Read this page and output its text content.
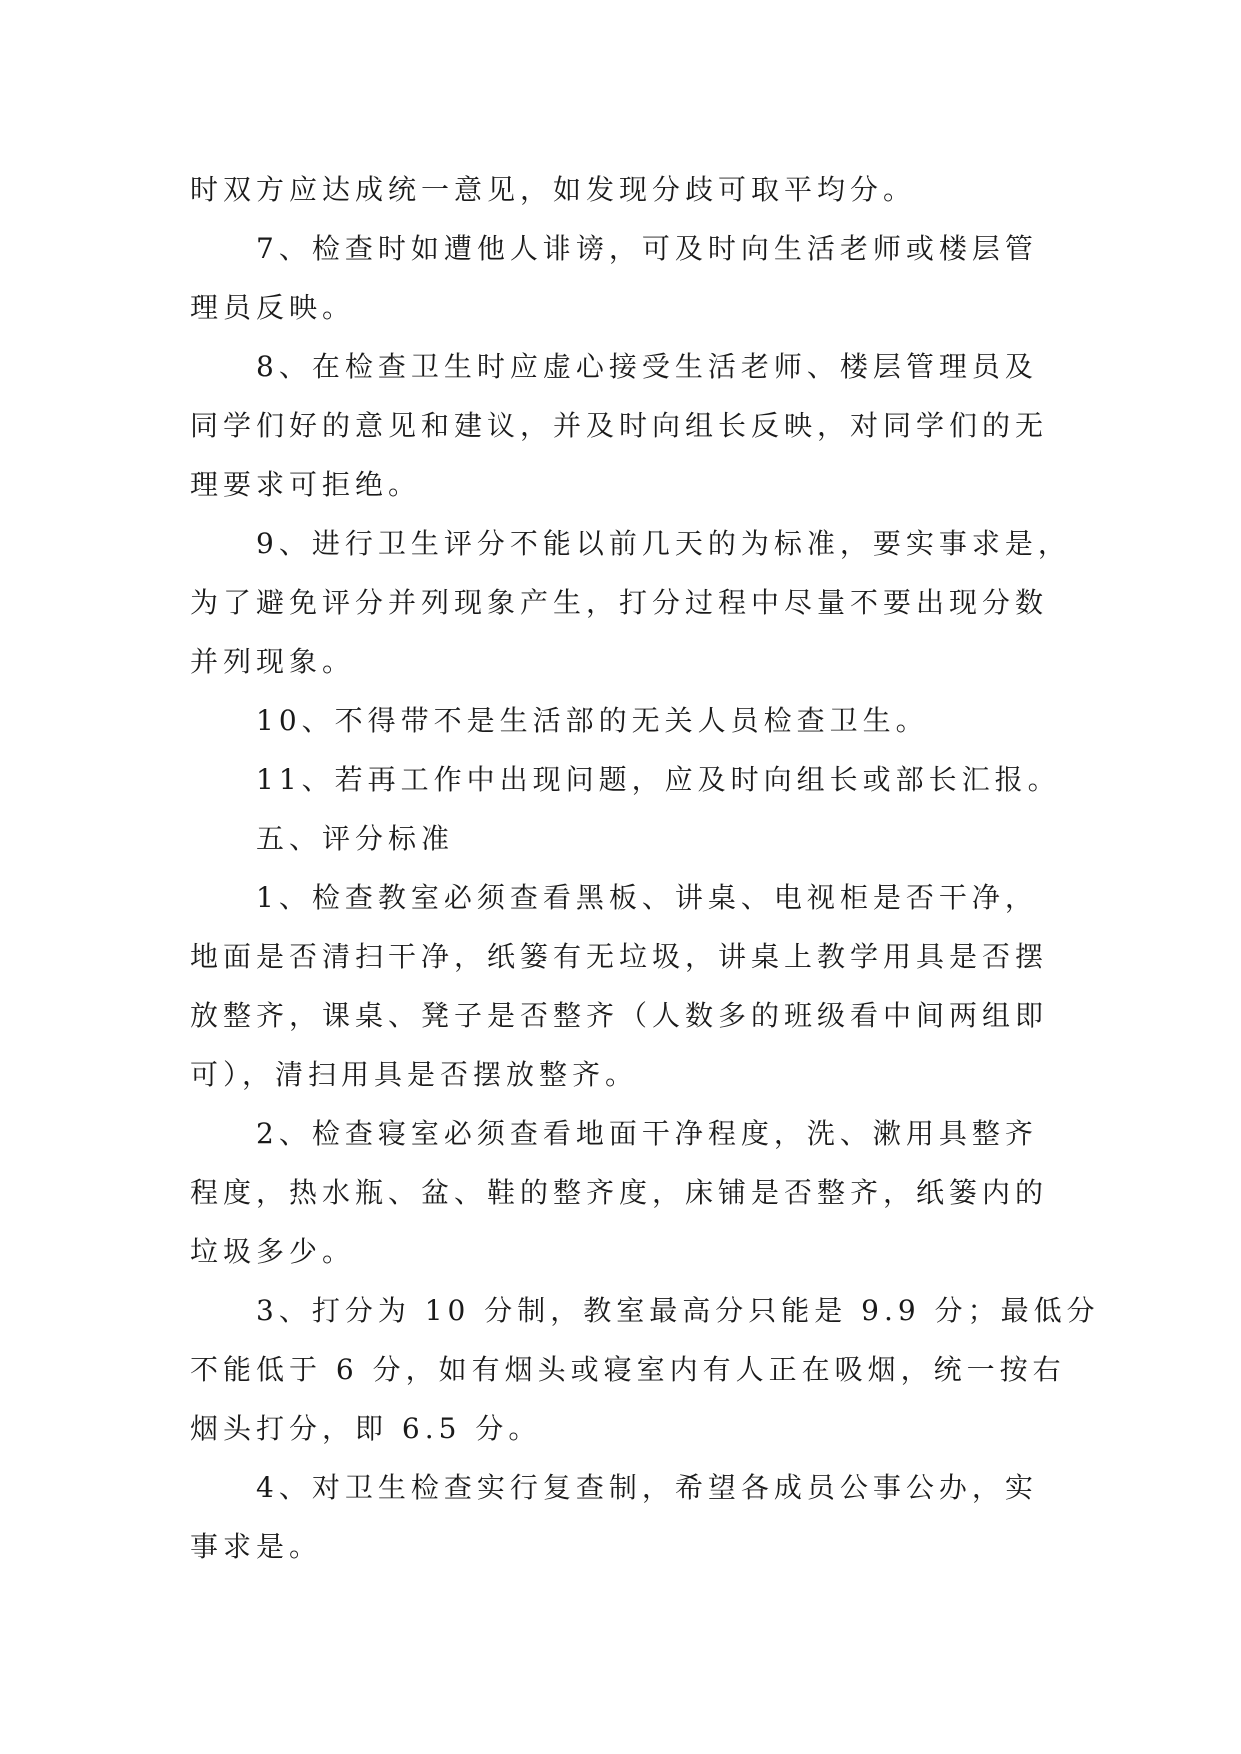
时双方应达成统一意见，如发现分歧可取平均分。

7、检查时如遭他人诽谤，可及时向生活老师或楼层管

理员反映。

8、在检查卫生时应虚心接受生活老师、楼层管理员及

同学们好的意见和建议，并及时向组长反映，对同学们的无

理要求可拒绝。

9、进行卫生评分不能以前几天的为标准，要实事求是，

为了避免评分并列现象产生，打分过程中尽量不要出现分数

并列现象。

10、不得带不是生活部的无关人员检查卫生。

11、若再工作中出现问题，应及时向组长或部长汇报。

五、评分标准

1、检查教室必须查看黑板、讲桌、电视柜是否干净，

地面是否清扫干净，纸篓有无垃圾，讲桌上教学用具是否摆

放整齐，课桌、凳子是否整齐（人数多的班级看中间两组即

可），清扫用具是否摆放整齐。

2、检查寝室必须查看地面干净程度，洗、漱用具整齐

程度，热水瓶、盆、鞋的整齐度，床铺是否整齐，纸篓内的

垃圾多少。

3、打分为 10 分制，教室最高分只能是 9.9 分；最低分

不能低于 6 分，如有烟头或寝室内有人正在吸烟，统一按右

烟头打分，即 6.5 分。

4、对卫生检查实行复查制，希望各成员公事公办，实

事求是。
